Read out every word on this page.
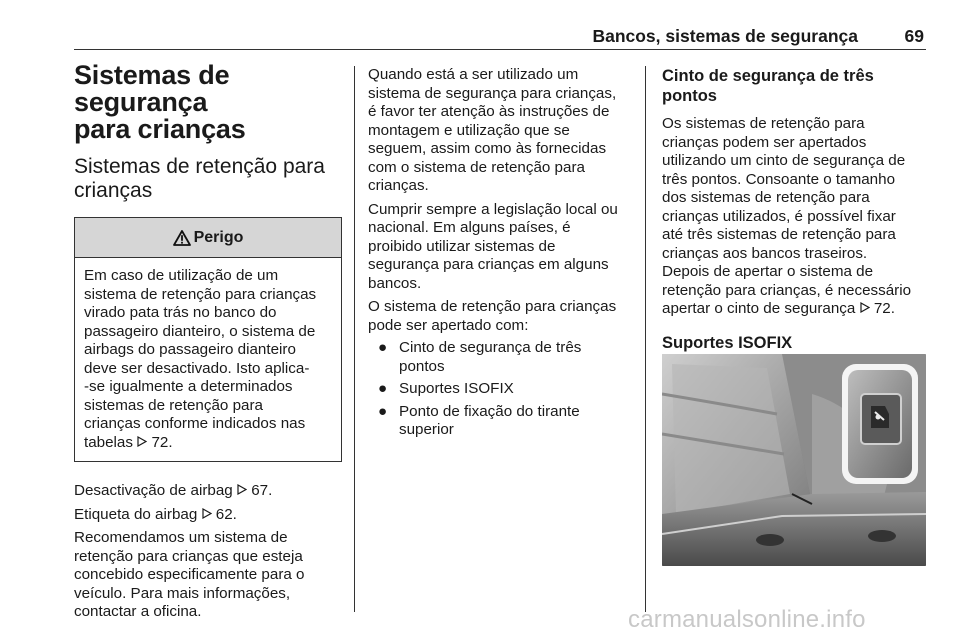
Bancos, sistemas de segurança	69
Sistemas de segurança
para crianças
Sistemas de retenção para
crianças
Perigo
Em caso de utilização de um
sistema de retenção para crianças
virado pata trás no banco do
passageiro dianteiro, o sistema de
airbags do passageiro dianteiro
deve ser desactivado. Isto aplica-
-se igualmente a determinados
sistemas de retenção para
crianças conforme indicados nas
tabelas 72.

Desactivação de airbag 67.

Etiqueta do airbag 62.

Recomendamos um sistema de
retenção para crianças que esteja
concebido especificamente para o
veículo. Para mais informações,
contactar a oficina.

Quando está a ser utilizado um
sistema de segurança para crianças,
é favor ter atenção às instruções de
montagem e utilização que se
seguem, assim como às fornecidas
com o sistema de retenção para
crianças.

Cumprir sempre a legislação local ou
nacional. Em alguns países, é
proibido utilizar sistemas de
segurança para crianças em alguns
bancos.

O sistema de retenção para crianças
pode ser apertado com:

● Cinto de segurança de três
pontos
● Suportes ISOFIX
● Ponto de fixação do tirante
superior
Cinto de segurança de três
pontos

Os sistemas de retenção para
crianças podem ser apertados
utilizando um cinto de segurança de
três pontos. Consoante o tamanho
dos sistemas de retenção para
crianças utilizados, é possível fixar
até três sistemas de retenção para
crianças aos bancos traseiros.
Depois de apertar o sistema de
retenção para crianças, é necessário
apertar o cinto de segurança 72.

Suportes ISOFIX
carmanualsonline.info
